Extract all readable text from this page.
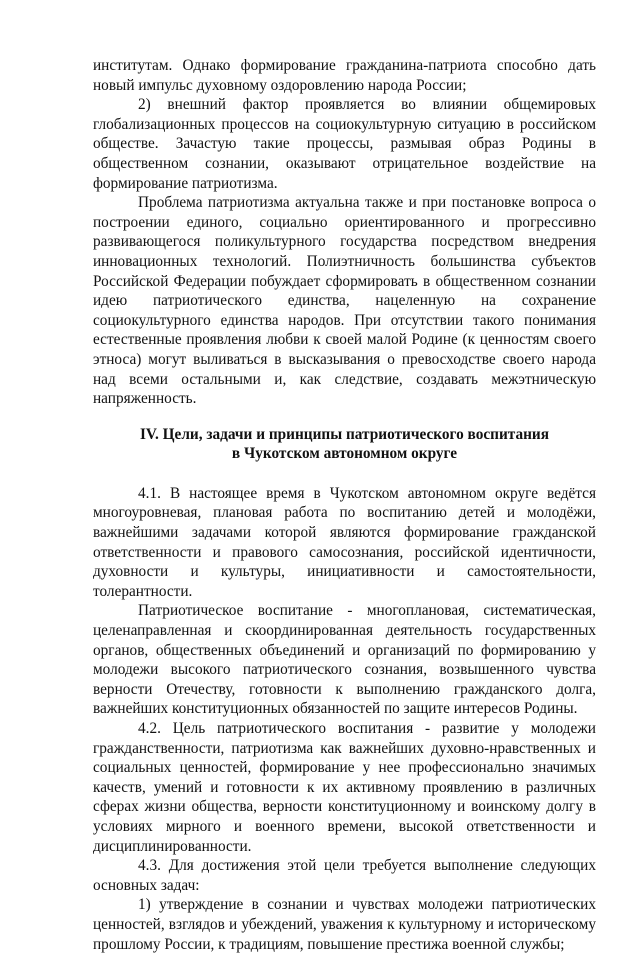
институтам. Однако формирование гражданина-патриота способно дать новый импульс духовному оздоровлению народа России;

2) внешний фактор проявляется во влиянии общемировых глобализационных процессов на социокультурную ситуацию в российском обществе. Зачастую такие процессы, размывая образ Родины в общественном сознании, оказывают отрицательное воздействие на формирование патриотизма.

Проблема патриотизма актуальна также и при постановке вопроса о построении единого, социально ориентированного и прогрессивно развивающегося поликультурного государства посредством внедрения инновационных технологий. Полиэтничность большинства субъектов Российской Федерации побуждает сформировать в общественном сознании идею патриотического единства, нацеленную на сохранение социокультурного единства народов. При отсутствии такого понимания естественные проявления любви к своей малой Родине (к ценностям своего этноса) могут выливаться в высказывания о превосходстве своего народа над всеми остальными и, как следствие, создавать межэтническую напряженность.

IV. Цели, задачи и принципы патриотического воспитания
в Чукотском автономном округе

4.1. В настоящее время в Чукотском автономном округе ведётся многоуровневая, плановая работа по воспитанию детей и молодёжи, важнейшими задачами которой являются формирование гражданской ответственности и правового самосознания, российской идентичности, духовности и культуры, инициативности и самостоятельности, толерантности.

Патриотическое воспитание - многоплановая, систематическая, целенаправленная и скоординированная деятельность государственных органов, общественных объединений и организаций по формированию у молодежи высокого патриотического сознания, возвышенного чувства верности Отечеству, готовности к выполнению гражданского долга, важнейших конституционных обязанностей по защите интересов Родины.

4.2. Цель патриотического воспитания - развитие у молодежи гражданственности, патриотизма как важнейших духовно-нравственных и социальных ценностей, формирование у нее профессионально значимых качеств, умений и готовности к их активному проявлению в различных сферах жизни общества, верности конституционному и воинскому долгу в условиях мирного и военного времени, высокой ответственности и дисциплинированности.

4.3. Для достижения этой цели требуется выполнение следующих основных задач:

1) утверждение в сознании и чувствах молодежи патриотических ценностей, взглядов и убеждений, уважения к культурному и историческому прошлому России, к традициям, повышение престижа военной службы;
